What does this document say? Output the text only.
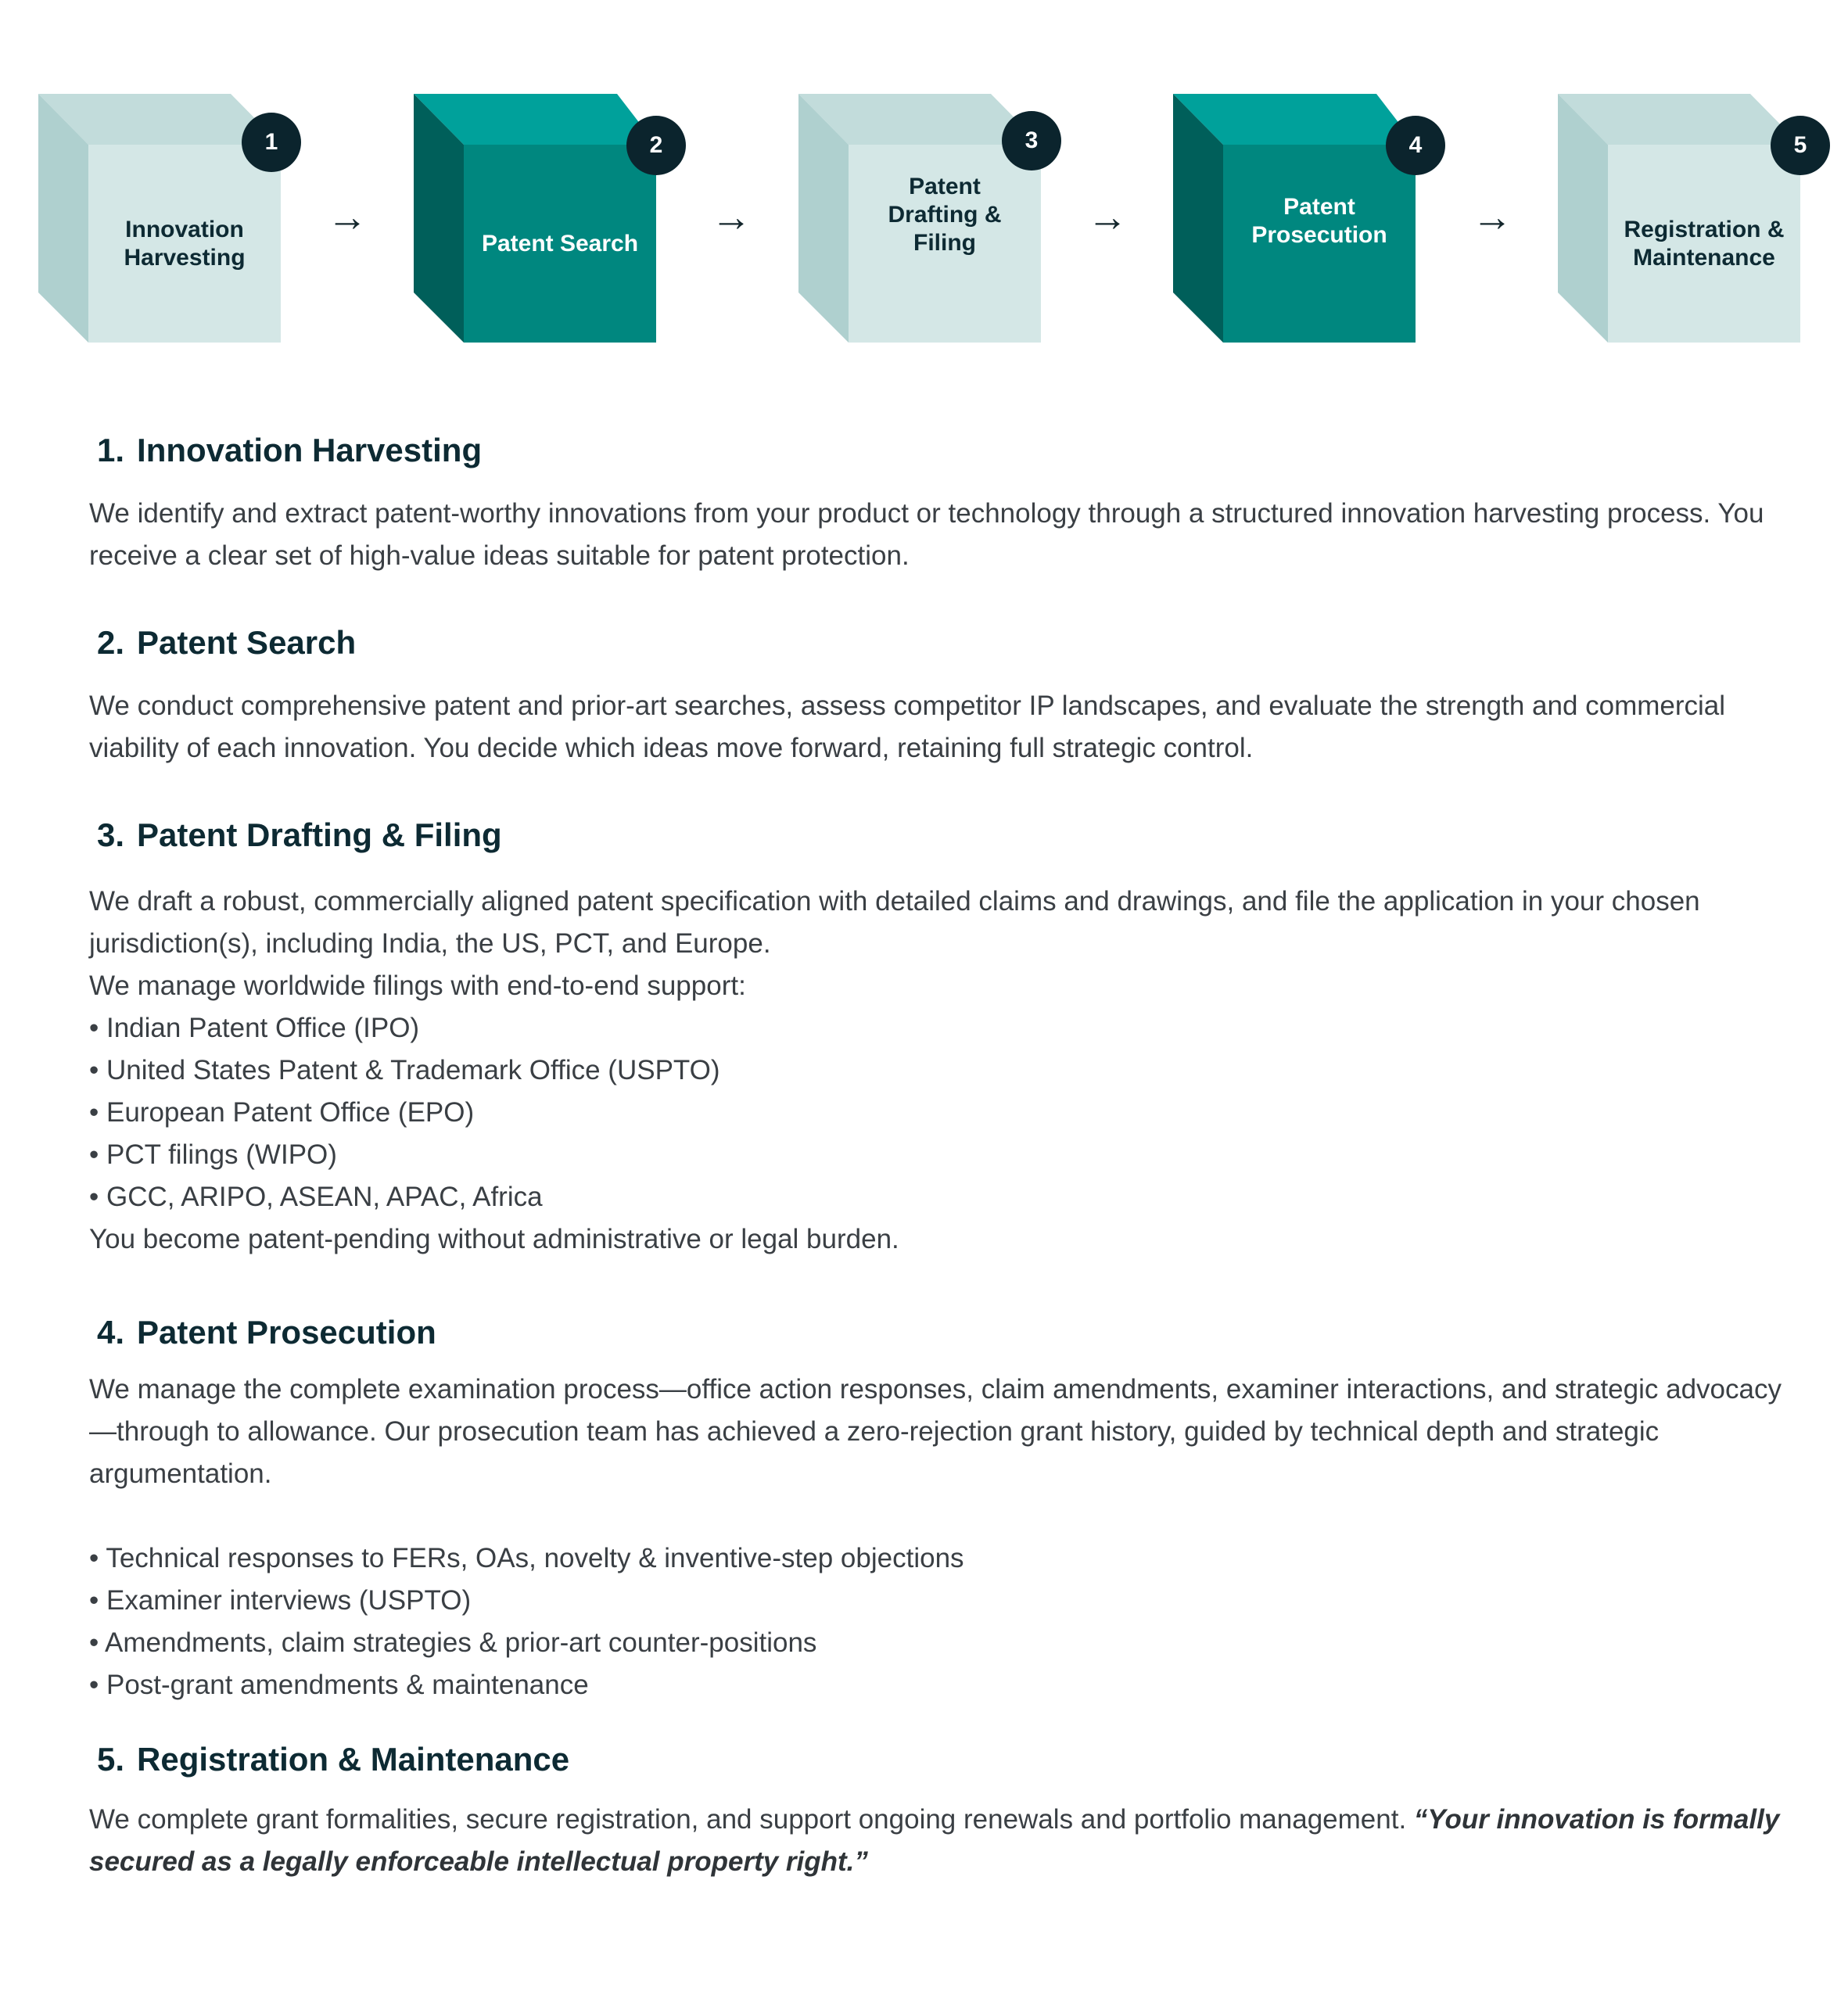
Innovation
Harvesting
1
→
Patent Search
2
→
Patent
Drafting &
Filing
3
→	Patent
Prosecution
4
→	Registration &
Maintenance
5
1. Innovation Harvesting

We identify and extract patent-worthy innovations from your product or technology through a structured innovation harvesting process. You receive a clear set of high-value ideas suitable for patent protection.

2. Patent Search

We conduct comprehensive patent and prior-art searches, assess competitor IP landscapes, and evaluate the strength and commercial viability of each innovation. You decide which ideas move forward, retaining full strategic control.

3. Patent Drafting & Filing

We draft a robust, commercially aligned patent specification with detailed claims and drawings, and file the application in your chosen jurisdiction(s), including India, the US, PCT, and Europe.

We manage worldwide filings with end-to-end support:

• Indian Patent Office (IPO)
• United States Patent & Trademark Office (USPTO)
• European Patent Office (EPO)
• PCT filings (WIPO)
• GCC, ARIPO, ASEAN, APAC, Africa

You become patent-pending without administrative or legal burden.

4. Patent Prosecution

We manage the complete examination process—office action responses, claim amendments, examiner interactions, and strategic advocacy—through to allowance. Our prosecution team has achieved a zero-rejection grant history, guided by technical depth and strategic argumentation.

• Technical responses to FERs, OAs, novelty & inventive-step objections
• Examiner interviews (USPTO)
• Amendments, claim strategies & prior-art counter-positions
• Post-grant amendments & maintenance
5. Registration & Maintenance

We complete grant formalities, secure registration, and support ongoing renewals and portfolio management. “Your innovation is formally secured as a legally enforceable intellectual property right.”
